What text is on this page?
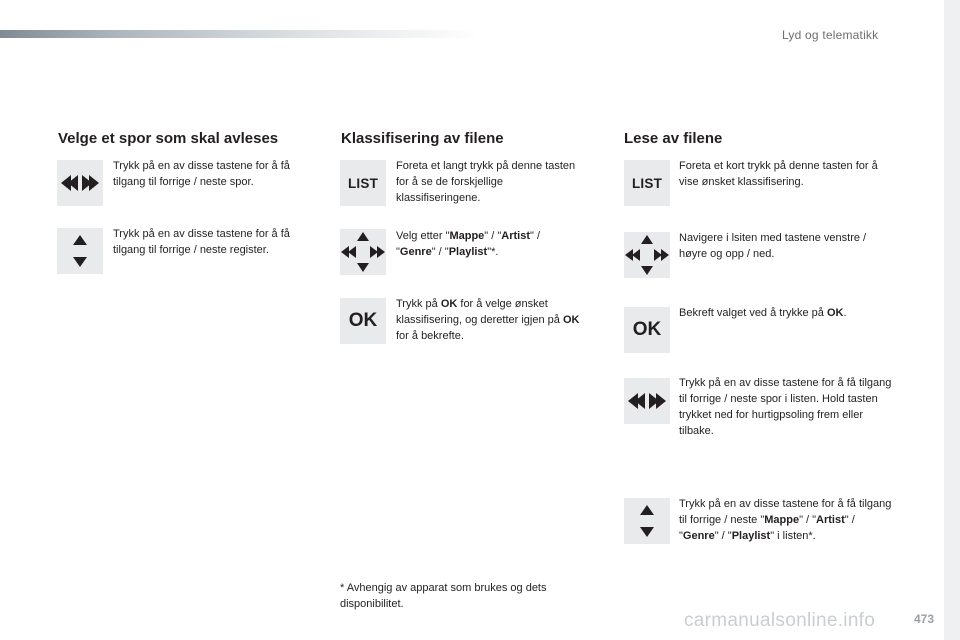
Lyd og telematikk
Velge et spor som skal avleses
Trykk på en av disse tastene for å få tilgang til forrige / neste spor.
Trykk på en av disse tastene for å få tilgang til forrige / neste register.
Klassifisering av filene
LIST
Foreta et langt trykk på denne tasten for å se de forskjellige klassifiseringene.
Velg etter "Mappe" / "Artist" / "Genre" / "Playlist"*.
OK
Trykk på OK for å velge ønsket klassifisering, og deretter igjen på OK for å bekrefte.
Lese av filene
LIST
Foreta et kort trykk på denne tasten for å vise ønsket klassifisering.
Navigere i lsiten med tastene venstre / høyre og opp / ned.
OK
Bekreft valget ved å trykke på OK.
Trykk på en av disse tastene for å få tilgang til forrige / neste spor i listen. Hold tasten trykket ned for hurtigpsoling frem eller tilbake.
Trykk på en av disse tastene for å få tilgang til forrige / neste "Mappe" / "Artist" / "Genre" / "Playlist" i listen*.
* Avhengig av apparat som brukes og dets disponibilitet.
carmanualsonline.info	473
